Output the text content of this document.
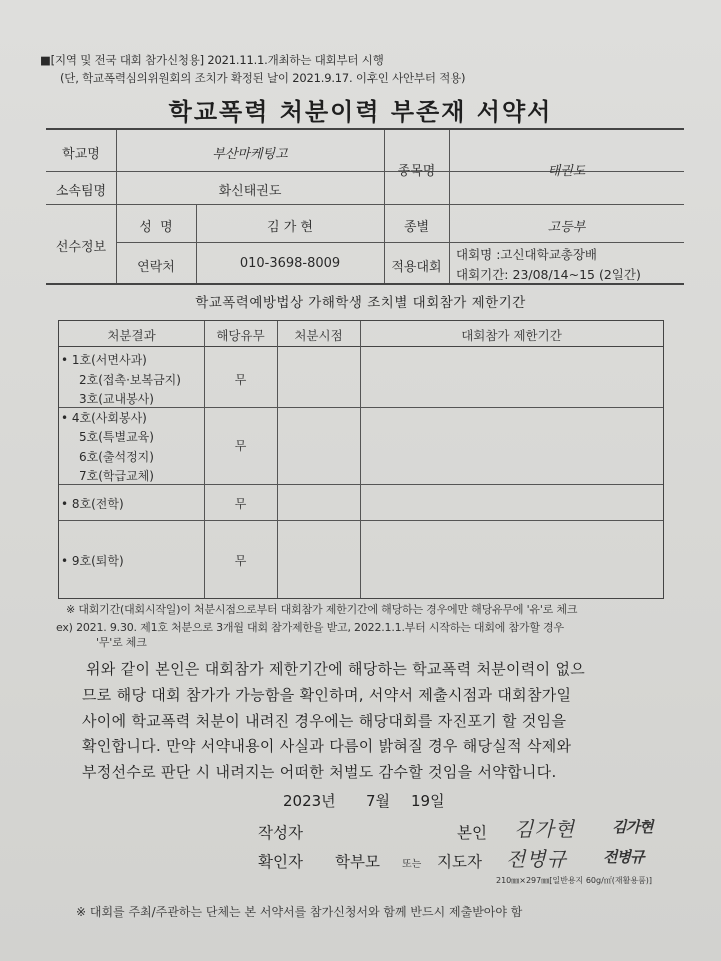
■[지역 및 전국 대회 참가신청용] 2021.11.1.개최하는 대회부터 시행
(단, 학교폭력심의위원회의 조치가 확정된 날이 2021.9.17. 이후인 사안부터 적용)
학교폭력 처분이력 부존재 서약서
학교명	부산마케팅고
소속팀명	화신태권도
종목명	태권도
선수정보
성  명	김 가 현
연락처	010-3698-8009
종별	고등부
적용대회
대회명 :고신대학교총장배
대회기간: 23/08/14~15 (2일간)
학교폭력예방법상 가해학생 조치별 대회참가 제한기간
처분결과	해당유무	처분시점	대회참가 제한기간
• 1호(서면사과)
2호(접촉·보복금지)
3호(교내봉사)
무
• 4호(사회봉사)
5호(특별교육)
6호(출석정지)
7호(학급교체)
무
• 8호(전학)	무
• 9호(퇴학)	무
※ 대회기간(대회시작일)이 처분시점으로부터 대회참가 제한기간에 해당하는 경우에만 해당유무에 '유'로 체크
ex) 2021. 9.30. 제1호 처분으로 3개월 대회 참가제한을 받고, 2022.1.1.부터 시작하는 대회에 참가할 경우
'무'로 체크
위와 같이 본인은 대회참가 제한기간에 해당하는 학교폭력 처분이력이 없으
므로 해당 대회 참가가 가능함을 확인하며, 서약서 제출시점과 대회참가일
사이에 학교폭력 처분이 내려진 경우에는 해당대회를 자진포기 할 것임을
확인합니다. 만약 서약내용이 사실과 다름이 밝혀질 경우 해당실적 삭제와
부정선수로 판단 시 내려지는 어떠한 처벌도 감수할 것임을 서약합니다.
2023년 7월 19일
작성자	본인 김가현 김가현
확인자 학부모 또는 지도자 전병규 전병규
210㎜×297㎜[일반용지 60g/㎡(재활용품)]
※ 대회를 주최/주관하는 단체는 본 서약서를 참가신청서와 함께 반드시 제출받아야 함
